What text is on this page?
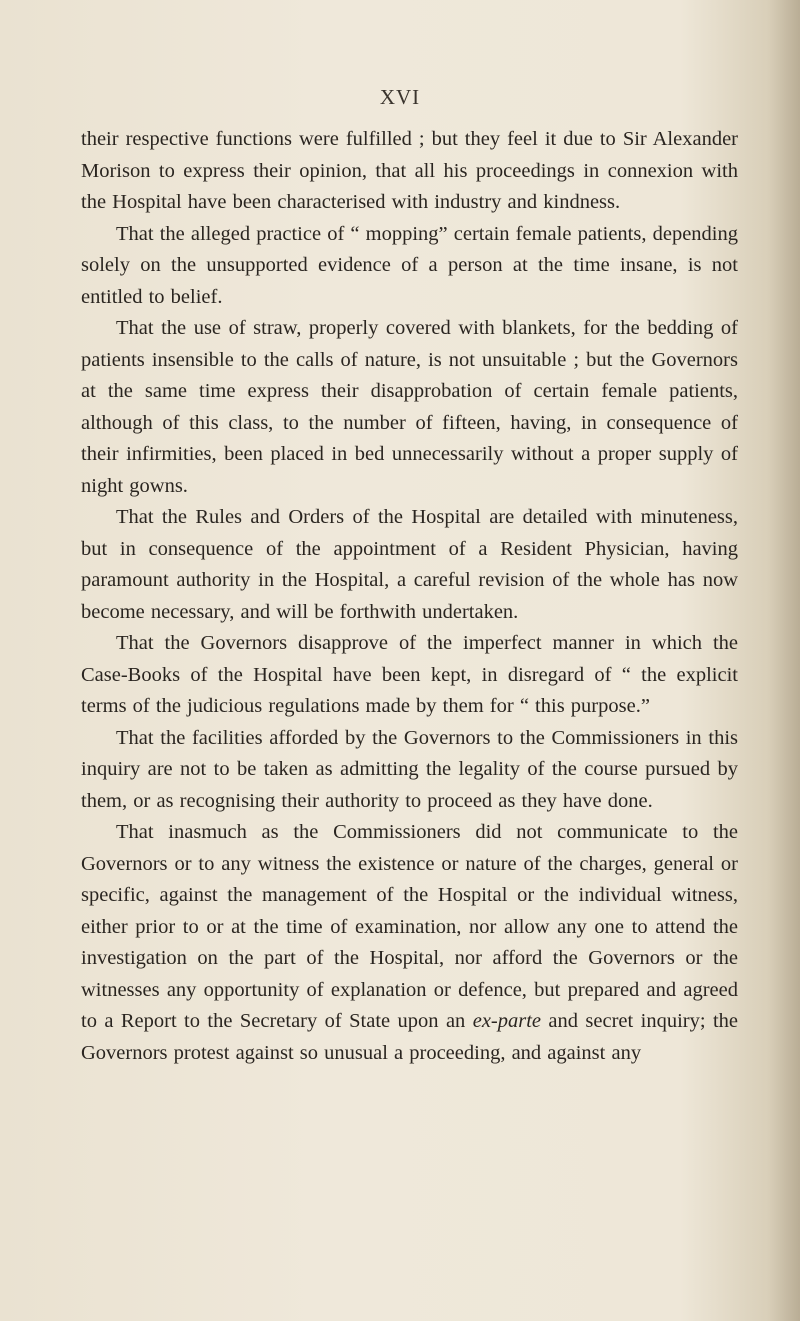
XVI

their respective functions were fulfilled ; but they feel it due to Sir Alexander Morison to express their opinion, that all his proceedings in connexion with the Hospital have been characterised with industry and kindness.

That the alleged practice of “ mopping” certain female patients, depending solely on the unsupported evidence of a person at the time insane, is not entitled to belief.

That the use of straw, properly covered with blankets, for the bedding of patients insensible to the calls of nature, is not unsuitable ; but the Governors at the same time express their disapprobation of certain female patients, although of this class, to the number of fifteen, having, in consequence of their infirmities, been placed in bed unnecessarily without a proper supply of night gowns.

That the Rules and Orders of the Hospital are detailed with minuteness, but in consequence of the appointment of a Resident Physician, having paramount authority in the Hospital, a careful revision of the whole has now become necessary, and will be forthwith undertaken.

That the Governors disapprove of the imperfect manner in which the Case-Books of the Hospital have been kept, in disregard of “ the explicit terms of the judicious regulations made by them for “ this purpose.”

That the facilities afforded by the Governors to the Commissioners in this inquiry are not to be taken as admitting the legality of the course pursued by them, or as recognising their authority to proceed as they have done.

That inasmuch as the Commissioners did not communicate to the Governors or to any witness the existence or nature of the charges, general or specific, against the management of the Hospital or the individual witness, either prior to or at the time of examination, nor allow any one to attend the investigation on the part of the Hospital, nor afford the Governors or the witnesses any opportunity of explanation or defence, but prepared and agreed to a Report to the Secretary of State upon an ex-parte and secret inquiry; the Governors protest against so unusual a proceeding, and against any
